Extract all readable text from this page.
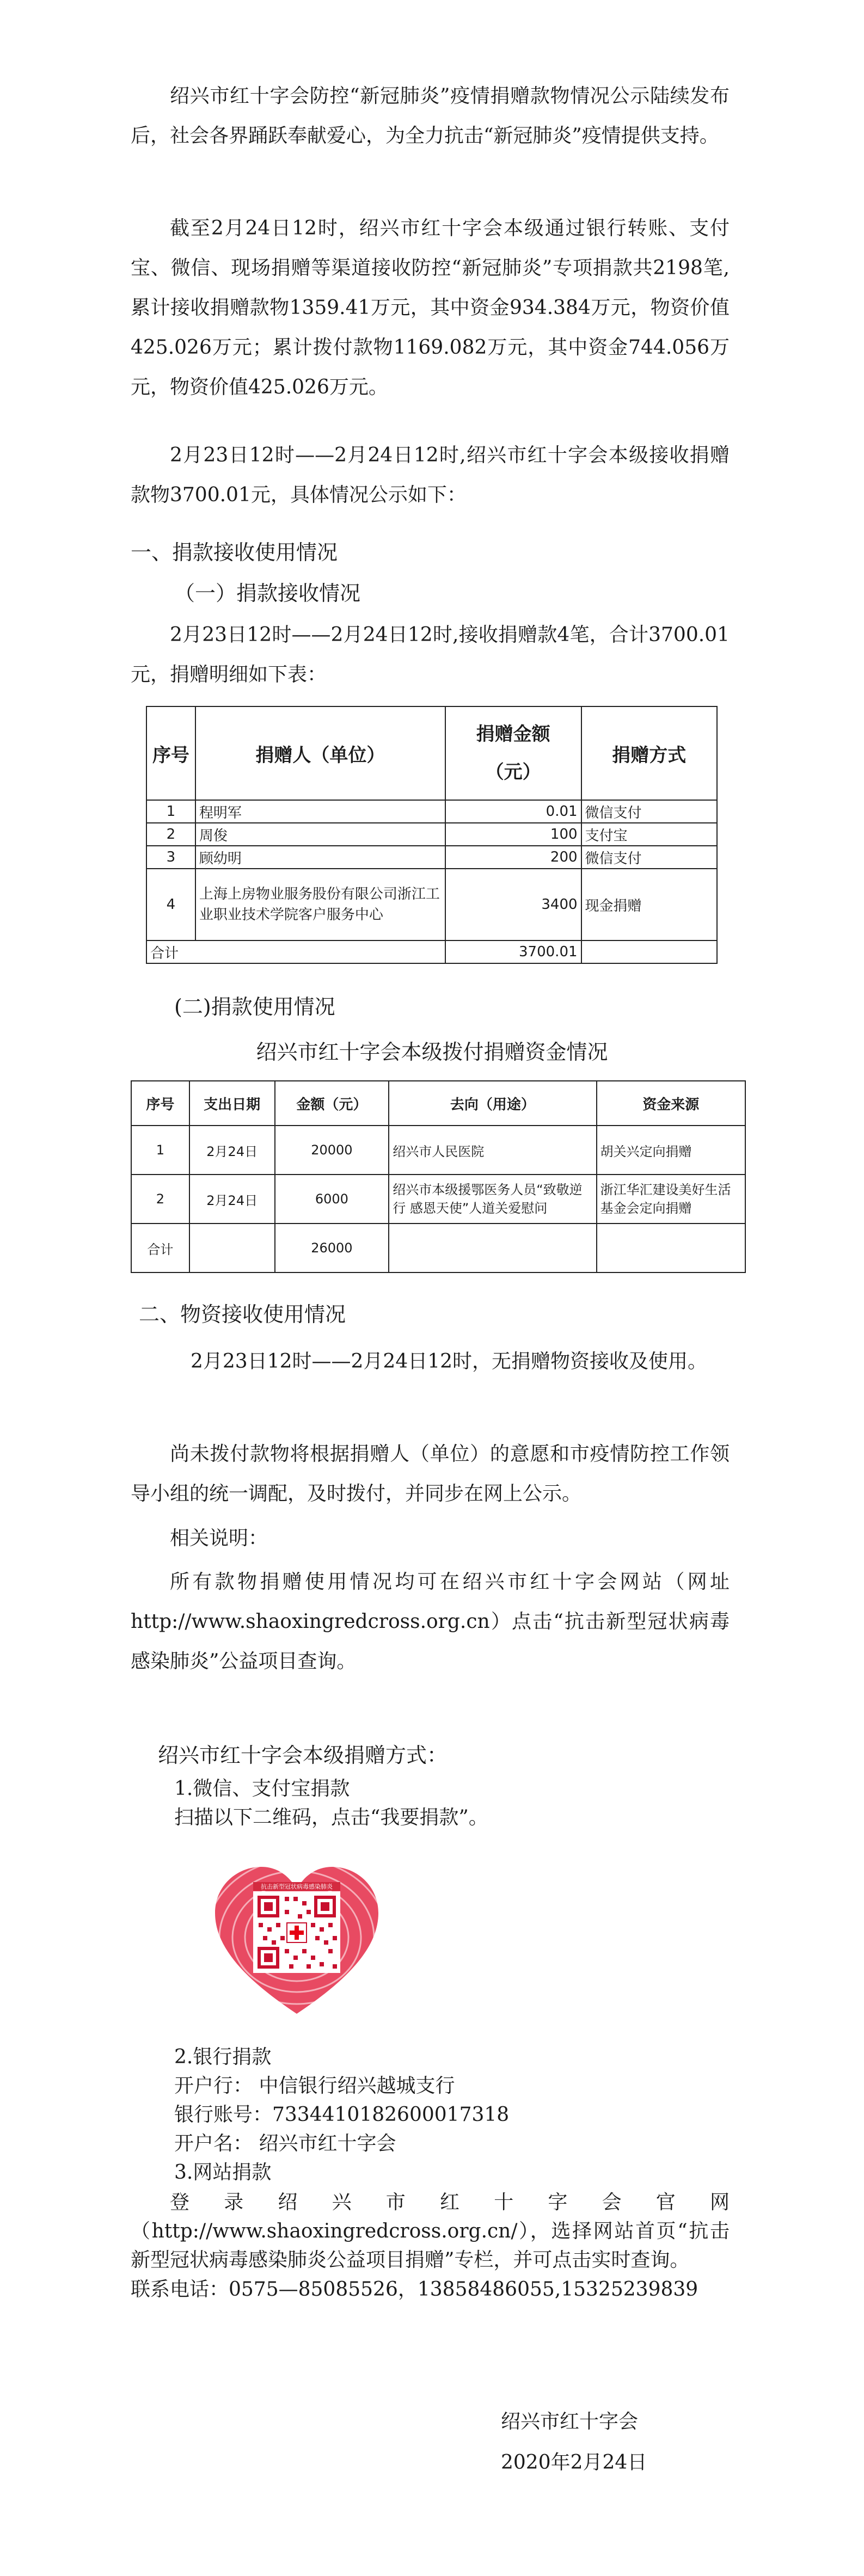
绍兴市红十字会防控“新冠肺炎”疫情捐赠款物情况公示陆续发布后，社会各界踊跃奉献爱心，为全力抗击“新冠肺炎”疫情提供支持。

截至2月24日12时，绍兴市红十字会本级通过银行转账、支付宝、微信、现场捐赠等渠道接收防控“新冠肺炎”专项捐款共2198笔,累计接收捐赠款物1359.41万元，其中资金934.384万元，物资价值425.026万元；累计拨付款物1169.082万元，其中资金744.056万元，物资价值425.026万元。

2月23日12时——2月24日12时,绍兴市红十字会本级接收捐赠款物3700.01元，具体情况公示如下：

一、捐款接收使用情况

（一）捐款接收情况

2月23日12时——2月24日12时,接收捐赠款4笔，合计3700.01元，捐赠明细如下表：

序号	捐赠人（单位）	捐赠金额（元）	捐赠方式
1	程明军	0.01	微信支付
2	周俊	100	支付宝
3	顾幼明	200	微信支付
4	上海上房物业服务股份有限公司浙江工业职业技术学院客户服务中心	3400	现金捐赠
合计		3700.01	

(二)捐款使用情况

绍兴市红十字会本级拨付捐赠资金情况

序号	支出日期	金额（元）	去向（用途）	资金来源
1	2月24日	20000	绍兴市人民医院	胡关兴定向捐赠
2	2月24日	6000	绍兴市本级援鄂医务人员“致敬逆行 感恩天使”人道关爱慰问	浙江华汇建设美好生活基金会定向捐赠
合计		26000		

二、物资接收使用情况

2月23日12时——2月24日12时，无捐赠物资接收及使用。

尚未拨付款物将根据捐赠人（单位）的意愿和市疫情防控工作领导小组的统一调配，及时拨付，并同步在网上公示。

相关说明：

所有款物捐赠使用情况均可在绍兴市红十字会网站（网址http://www.shaoxingredcross.org.cn）点击“抗击新型冠状病毒感染肺炎”公益项目查询。

绍兴市红十字会本级捐赠方式：

1.微信、支付宝捐款

扫描以下二维码，点击“我要捐款”。

抗击新型冠状病毒感染肺炎

2.银行捐款

开户行： 中信银行绍兴越城支行

银行账号：7334410182600017318

开户名： 绍兴市红十字会

3.网站捐款

登录绍兴市红十字会官网（http://www.shaoxingredcross.org.cn/），选择网站首页“抗击新型冠状病毒感染肺炎公益项目捐赠”专栏，并可点击实时查询。

联系电话：0575—85085526，13858486055,15325239839

绍兴市红十字会

2020年2月24日
